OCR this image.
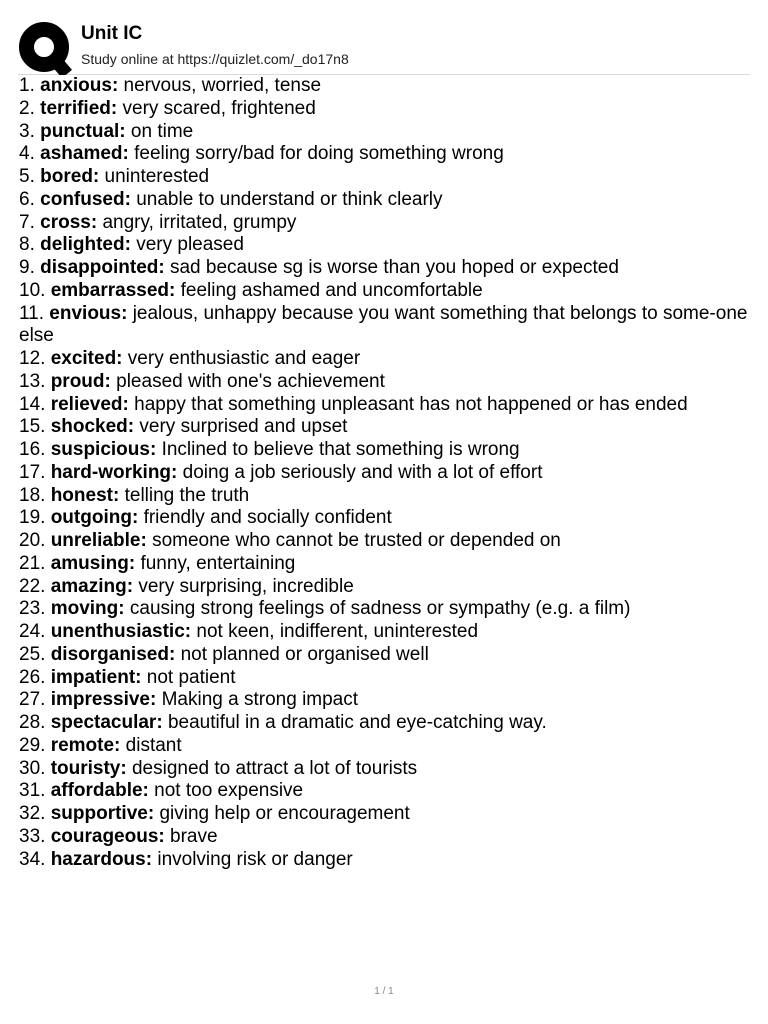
Unit IC
Study online at https://quizlet.com/_do17n8
1. anxious: nervous, worried, tense
2. terrified: very scared, frightened
3. punctual: on time
4. ashamed: feeling sorry/bad for doing something wrong
5. bored: uninterested
6. confused: unable to understand or think clearly
7. cross: angry, irritated, grumpy
8. delighted: very pleased
9. disappointed: sad because sg is worse than you hoped or expected
10. embarrassed: feeling ashamed and uncomfortable
11. envious: jealous, unhappy because you want something that belongs to some-one else
12. excited: very enthusiastic and eager
13. proud: pleased with one's achievement
14. relieved: happy that something unpleasant has not happened or has ended
15. shocked: very surprised and upset
16. suspicious: Inclined to believe that something is wrong
17. hard-working: doing a job seriously and with a lot of effort
18. honest: telling the truth
19. outgoing: friendly and socially confident
20. unreliable: someone who cannot be trusted or depended on
21. amusing: funny, entertaining
22. amazing: very surprising, incredible
23. moving: causing strong feelings of sadness or sympathy (e.g. a film)
24. unenthusiastic: not keen, indifferent, uninterested
25. disorganised: not planned or organised well
26. impatient: not patient
27. impressive: Making a strong impact
28. spectacular: beautiful in a dramatic and eye-catching way.
29. remote: distant
30. touristy: designed to attract a lot of tourists
31. affordable: not too expensive
32. supportive: giving help or encouragement
33. courageous: brave
34. hazardous: involving risk or danger
1 / 1
